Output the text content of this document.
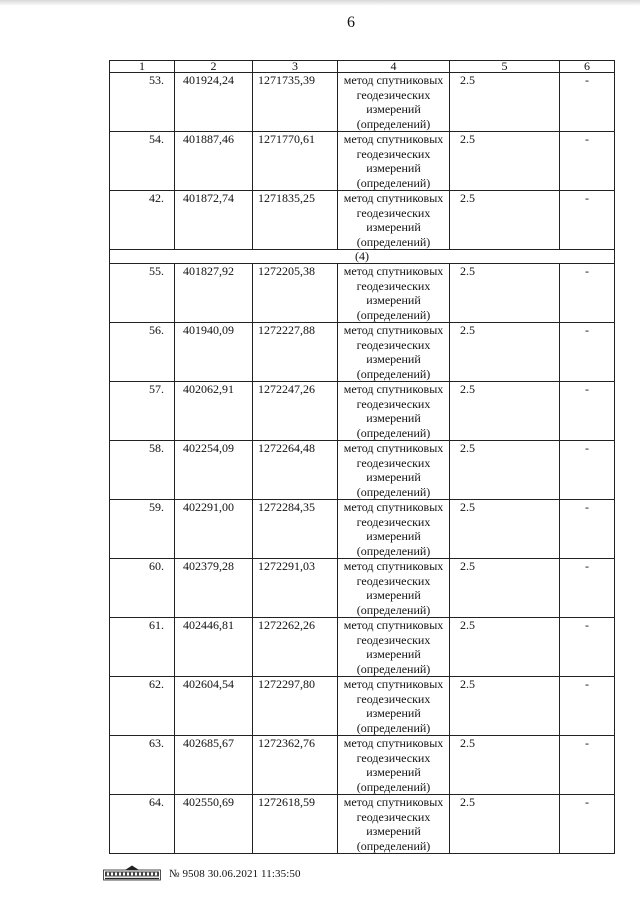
6
1	2	3	4	5	6
53.	401924,24	1271735,39	метод спутниковых
геодезических
измерений
(определений)	2.5	-
54.	401887,46	1271770,61	метод спутниковых
геодезических
измерений
(определений)	2.5	-
42.	401872,74	1271835,25	метод спутниковых
геодезических
измерений
(определений)	2.5	-
(4)					
55.	401827,92	1272205,38	метод спутниковых
геодезических
измерений
(определений)	2.5	-
56.	401940,09	1272227,88	метод спутниковых
геодезических
измерений
(определений)	2.5	-
57.	402062,91	1272247,26	метод спутниковых
геодезических
измерений
(определений)	2.5	-
58.	402254,09	1272264,48	метод спутниковых
геодезических
измерений
(определений)	2.5	-
59.	402291,00	1272284,35	метод спутниковых
геодезических
измерений
(определений)	2.5	-
60.	402379,28	1272291,03	метод спутниковых
геодезических
измерений
(определений)	2.5	-
61.	402446,81	1272262,26	метод спутниковых
геодезических
измерений
(определений)	2.5	-
62.	402604,54	1272297,80	метод спутниковых
геодезических
измерений
(определений)	2.5	-
63.	402685,67	1272362,76	метод спутниковых
геодезических
измерений
(определений)	2.5	-
64.	402550,69	1272618,59	метод спутниковых
геодезических
измерений
(определений)	2.5	-
№ 9508 30.06.2021 11:35:50
